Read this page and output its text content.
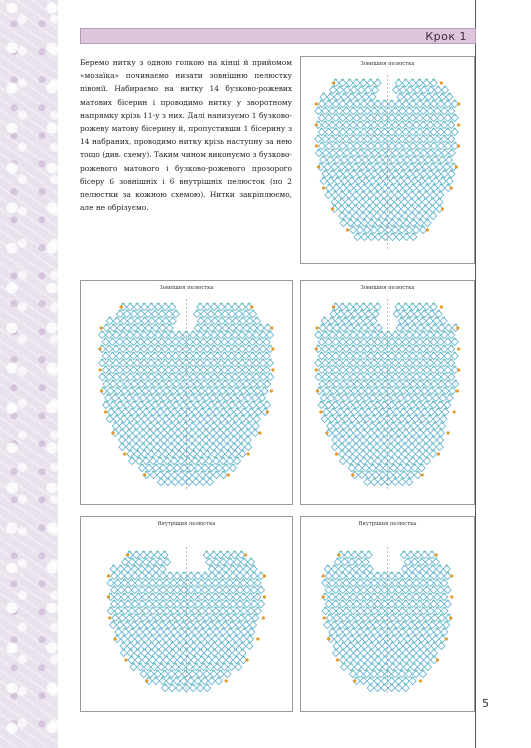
Крок 1

Беремо нитку з одною голкою на кінці й прийомом «мозаїка» починаємо низати зовнішню пелюстку півонії. Набираємо на нитку 14 бузково-рожевих матових бісерин і проводимо нитку у зворотному напрямку крізь 11-у з них. Далі нанизуємо 1 бузково-рожеву матову бісерину й, пропустивши 1 бісерину з 14 набраних, проводимо нитку крізь наступну за нею тощо (див. схему). Таким чином виконуємо з бузково-рожевого матового і бузково-рожевого прозорого бісеру 6 зовнішніх і 6 внутрішніх пелюсток (по 2 пелюстки за кожною схемою). Нитки закріплюємо, але не обрізуємо.

Зовнішня пелюстка
Зовнішня пелюстка	Зовнішня пелюстка
Внутрішня пелюстка	Внутрішня пелюстка
5
